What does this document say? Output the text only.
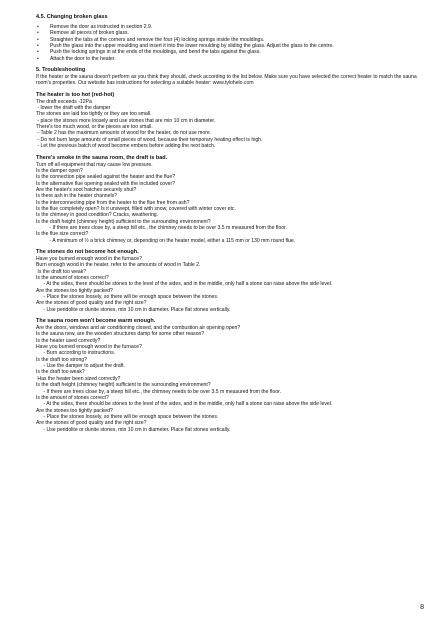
4.5. Changing broken glass

• Remove the door as instructed in section 2.9.
• Remove all pieces of broken glass.
• Straighten the tabs at the corners and remove the four (4) locking springs inside the mouldings.
• Push the glass into the upper moulding and insert it into the lower moulding by sliding the glass. Adjust the glass to the centre.
• Push the locking springs in at the ends of the mouldings, and bend the tabs against the glass.
• Attach the door to the heater.

5. Troubleshooting

If the heater or the sauna doesn't perform as you think they should, check according to the list below. Make sure you have selected the correct heater to match the sauna room's properties. Our website has instructions for selecting a suitable heater: www.tylohelo.com

The heater is too hot (red-hot)

The draft exceeds -12Pa

- lower the draft with the damper

The stones are laid too tightly or they are too small.

- place the stones more loosely and use stones that are min 10 cm in diameter.

There's too much wood, or the pieces are too small.

- Table 2 has the maximum amounts of wood for the heater, do not use more.

- Do not burn large amounts of small pieces of wood, because their temporary heating effect is high.

- Let the previous batch of wood become embers before adding the next batch.

There's smoke in the sauna room, the draft is bad.

Turn off all equipment that may cause low pressure.

Is the damper open?

Is the connection pipe sealed against the heater and the flue?

Is the alternative flue opening sealed with the included cover?

Are the heater's soot hatches securely shut?

Is there ash in the heater channels?

Is the interconnecting pipe from the heater to the flue free from ash?

Is the flue completely open? Is it unswept, filled with snow, covered with winter cover etc.

Is the chimney in good condition? Cracks, weathering.

Is the draft height (chimney height) sufficient to the surrounding environment?

- If there are trees close by, a steep hill etc., the chimney needs to be over 3.5 m measured from the floor.

Is the flue size correct?

- A minimum of ½ a brick chimney or, depending on the heater model, either a 115 mm or 130 mm round flue.

The stones do not become hot enough.

Have you burned enough wood in the furnace?

Burn enough wood in the heater, refer to the amounts of wood in Table 2.

Is the draft too weak?

Is the amount of stones correct?

- At the sides, there should be stones to the level of the sides, and in the middle, only half a stone can raise above the side level.

Are the stones too tightly packed?

- Place the stones loosely, so there will be enough space between the stones.

Are the stones of good quality and the right size?

- Use peridolite or dunite stones, min 10 cm in diameter. Place flat stones vertically.

The sauna room won't become warm enough.

Are the doors, windows and air conditioning closed, and the combustion air opening open?

Is the sauna new, are the wooden structures damp for some other reason?

Is the heater used correctly?

Have you burned enough wood in the furnace?

- Burn according to instructions.

Is the draft too strong?

- Use the damper to adjust the draft.

Is the draft too weak?

Has the heater been sized correctly?

Is the draft height (chimney height) sufficient to the surrounding environment?

- If there are trees close by, a steep hill etc., the chimney needs to be over 3.5 m measured from the floor.

Is the amount of stones correct?

- At the sides, there should be stones to the level of the sides, and in the middle, only half a stone can raise above the side level.

Are the stones too tightly packed?

- Place the stones loosely, so there will be enough space between the stones.

Are the stones of good quality and the right size?

- Use peridolite or dunite stones, min 10 cm in diameter. Place flat stones vertically.

8
